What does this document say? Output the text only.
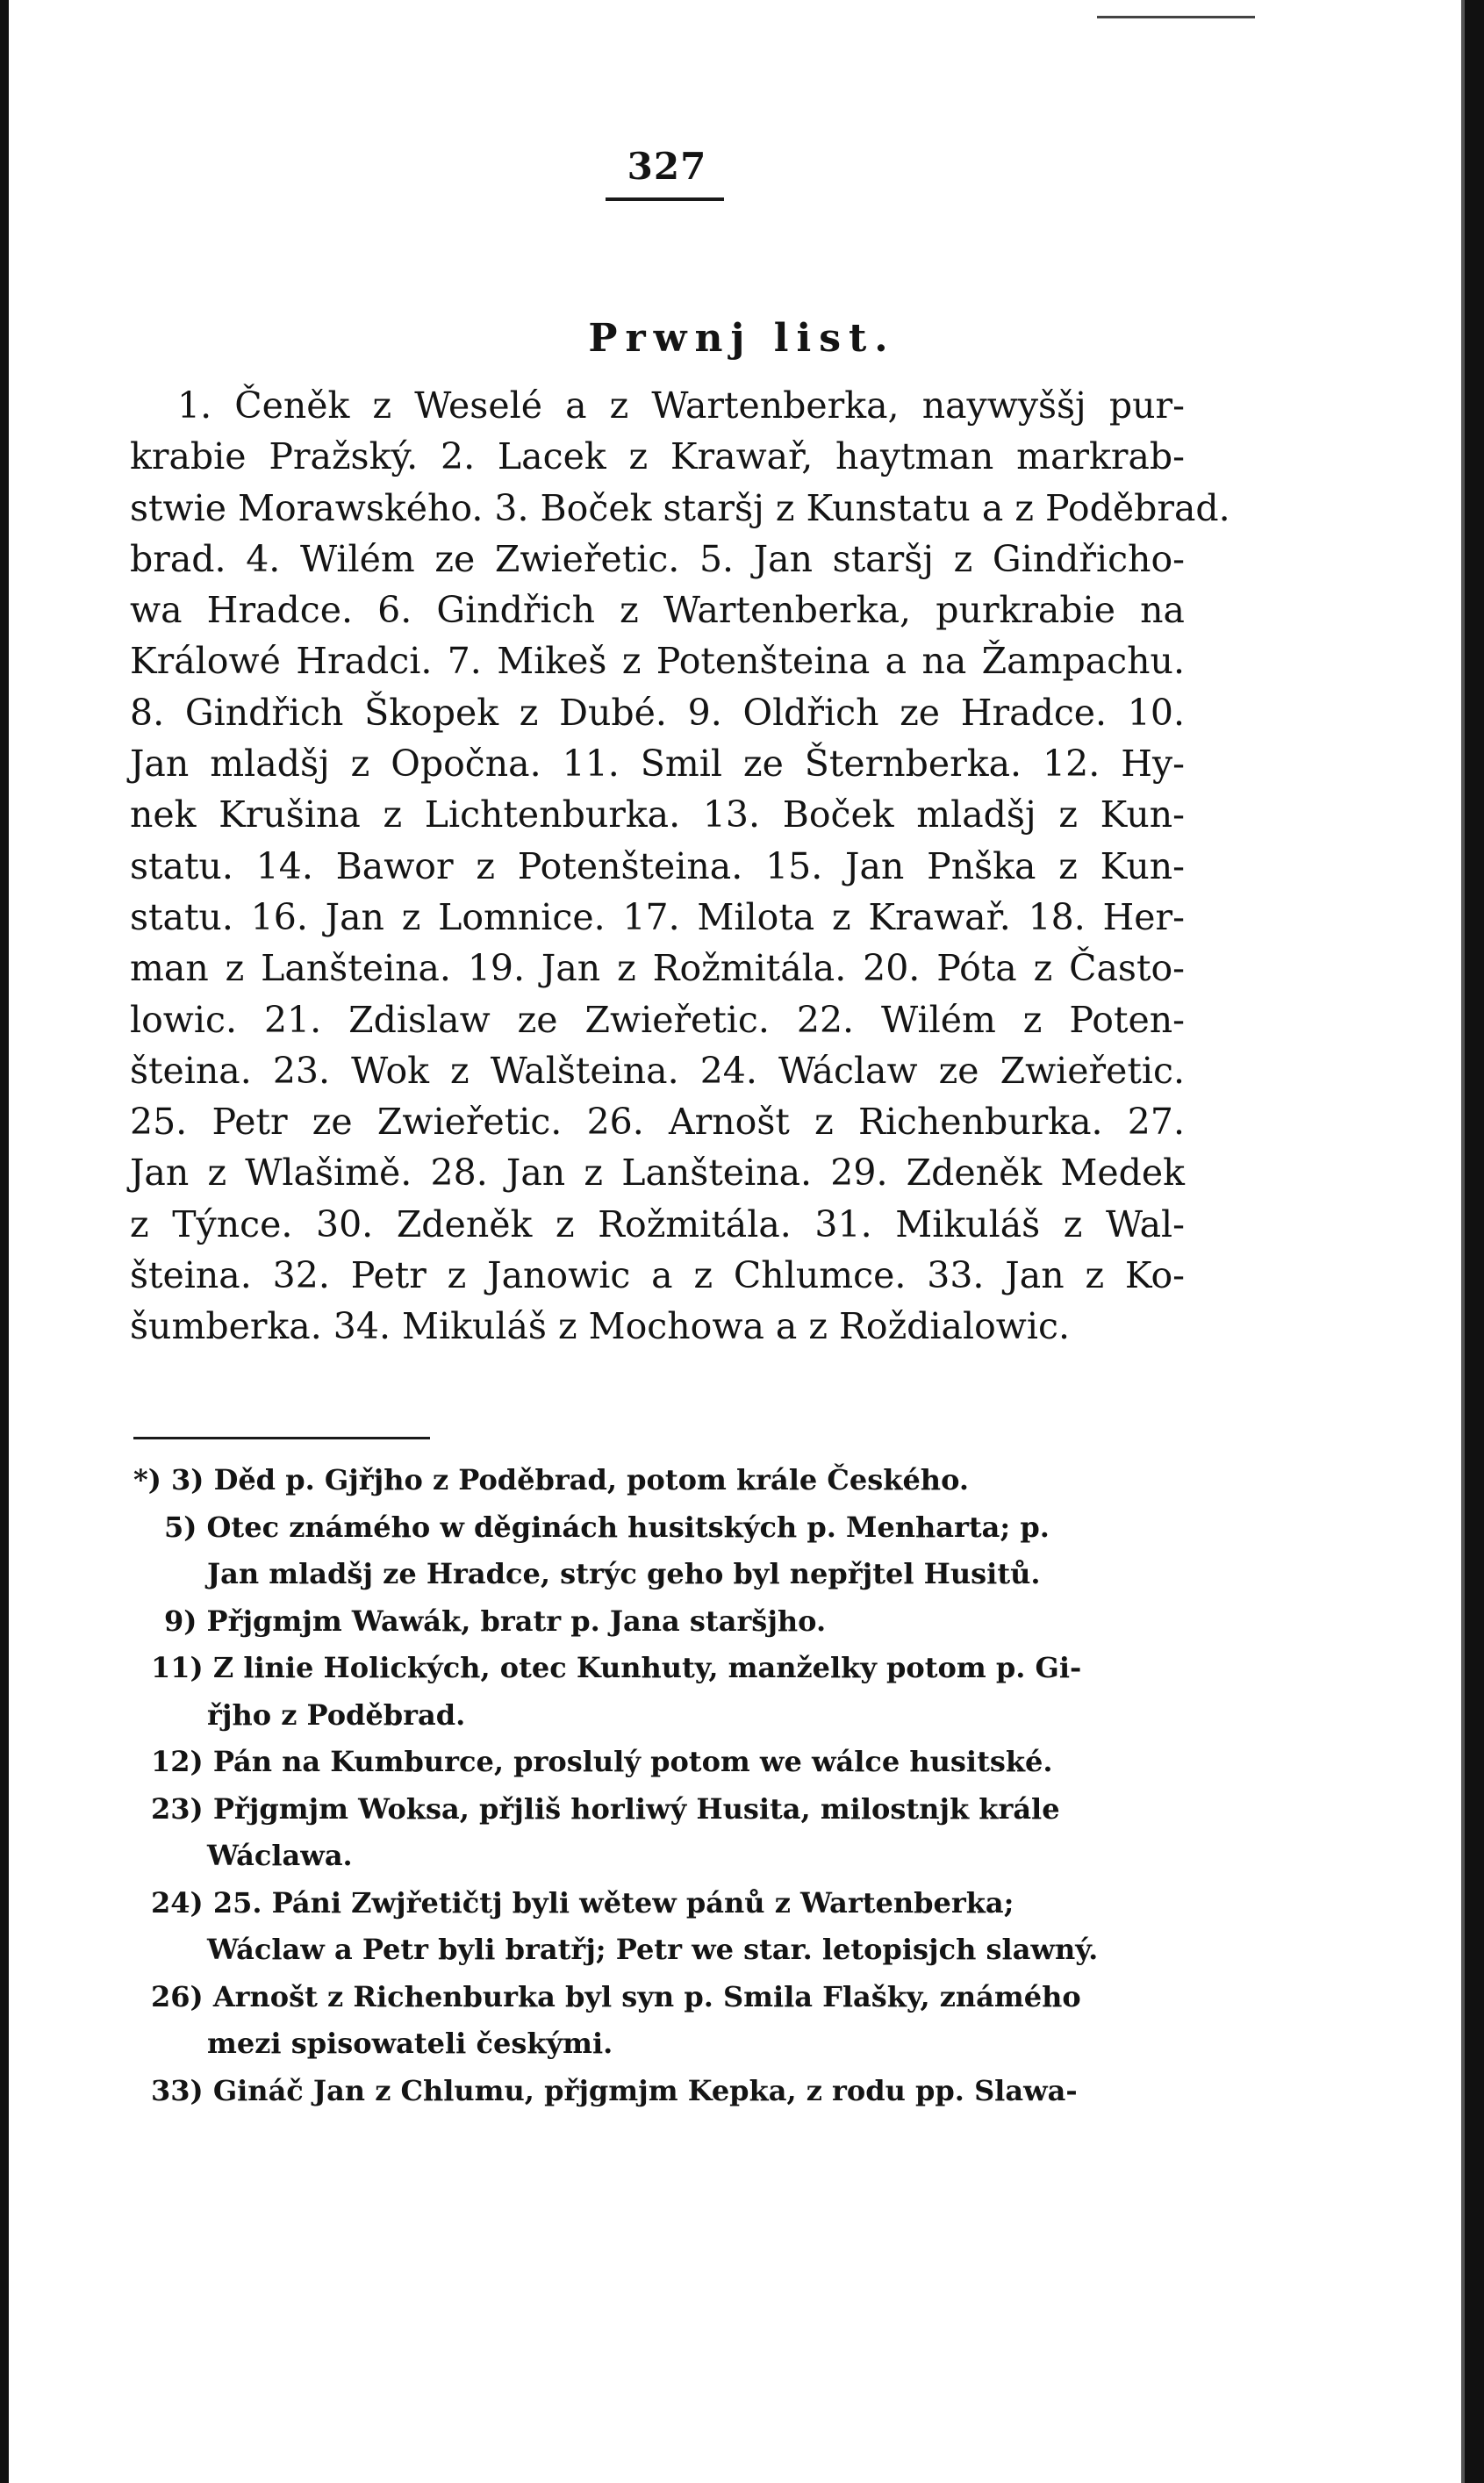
327
Prwnj list.
1. Čeněk z Weselé a z Wartenberka, naywyššj pur-
krabie Pražský. 2. Lacek z Krawař, haytman markrab-
stwie Morawského. 3. Boček staršj z Kunstatu a z Poděbrad.
brad. 4. Wilém ze Zwieřetic. 5. Jan staršj z Gindřicho-
wa Hradce. 6. Gindřich z Wartenberka, purkrabie na
Králowé Hradci. 7. Mikeš z Potenšteina a na Žampachu.
8. Gindřich Škopek z Dubé. 9. Oldřich ze Hradce. 10.
Jan mladšj z Opočna. 11. Smil ze Šternberka. 12. Hy-
nek Krušina z Lichtenburka. 13. Boček mladšj z Kun-
statu. 14. Bawor z Potenšteina. 15. Jan Pnška z Kun-
statu. 16. Jan z Lomnice. 17. Milota z Krawař. 18. Her-
man z Lanšteina. 19. Jan z Rožmitála. 20. Póta z Často-
lowic. 21. Zdislaw ze Zwieřetic. 22. Wilém z Poten-
šteina. 23. Wok z Walšteina. 24. Wáclaw ze Zwieřetic.
25. Petr ze Zwieřetic. 26. Arnošt z Richenburka. 27.
Jan z Wlašimě. 28. Jan z Lanšteina. 29. Zdeněk Medek
z Týnce. 30. Zdeněk z Rožmitála. 31. Mikuláš z Wal-
šteina. 32. Petr z Janowic a z Chlumce. 33. Jan z Ko-
šumberka. 34. Mikuláš z Mochowa a z Roždialowic.
*) 3) Děd p. Gjřjho z Poděbrad, potom krále Českého.
5) Otec známého w děginách husitských p. Menharta; p.
Jan mladšj ze Hradce, strýc geho byl nepřjtel Husitů.
9) Přjgmjm Wawák, bratr p. Jana staršjho.
11) Z linie Holických, otec Kunhuty, manželky potom p. Gi-
řjho z Poděbrad.
12) Pán na Kumburce, proslulý potom we wálce husitské.
23) Přjgmjm Woksa, přjliš horliwý Husita, milostnjk krále
Wáclawa.
24) 25. Páni Zwjřetičtj byli wětew pánů z Wartenberka;
Wáclaw a Petr byli bratřj; Petr we star. letopisjch slawný.
26) Arnošt z Richenburka byl syn p. Smila Flašky, známého
mezi spisowateli českými.
33) Gináč Jan z Chlumu, přjgmjm Kepka, z rodu pp. Slawa-
